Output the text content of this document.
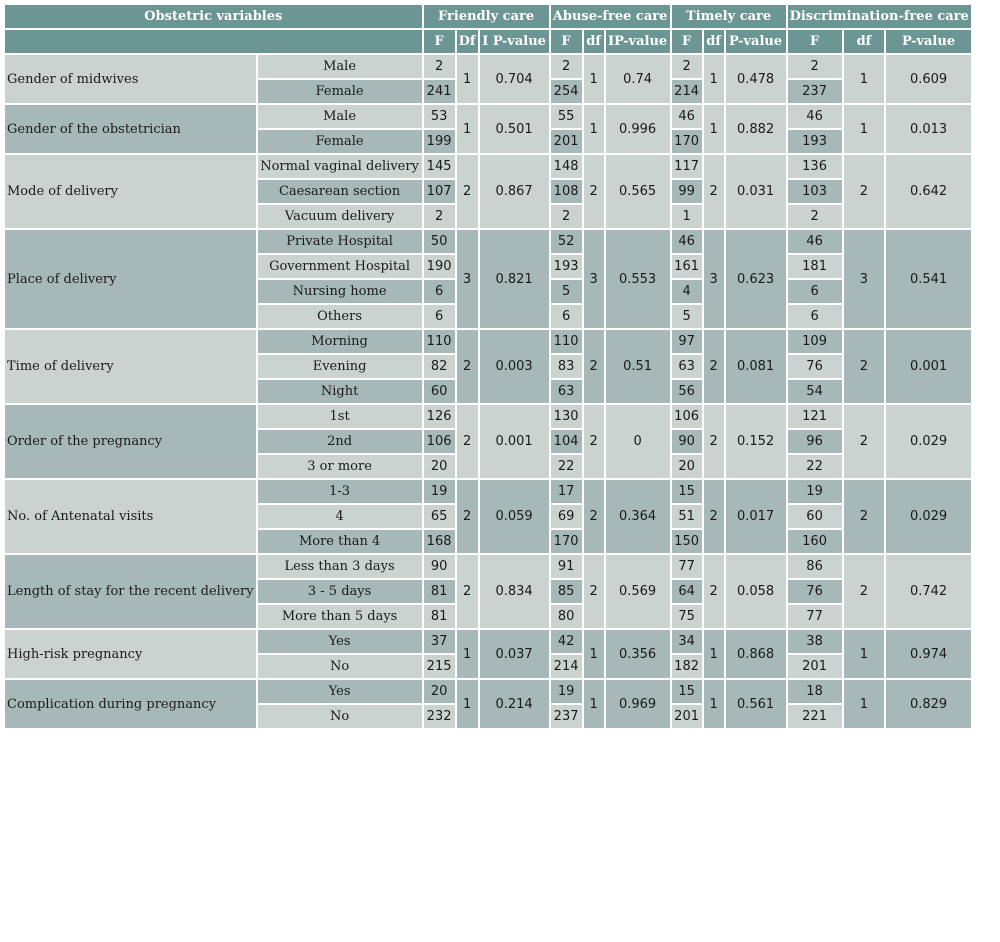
Obstetric variables		Friendly care			Abuse-free care			Timely care			Discrimination-free care		
		F	Df	I P-value	F	df	IP-value	F	df	P-value	F	df	P-value
Gender of midwives	Male	2	1	0.704	2	1	0.74	2	1	0.478	2	1	0.609
	Female	241			254			214			237		
Gender of the obstetrician	Male	53	1	0.501	55	1	0.996	46	1	0.882	46	1	0.013
	Female	199			201			170			193		
Mode of delivery	Normal vaginal delivery	145	2	0.867	148	2	0.565	117	2	0.031	136	2	0.642
	Caesarean section	107			108			99			103		
	Vacuum delivery	2			2			1			2		
Place of delivery	Private Hospital	50	3	0.821	52	3	0.553	46	3	0.623	46	3	0.541
	Government Hospital	190			193			161			181		
	Nursing home	6			5			4			6		
	Others	6			6			5			6		
Time of delivery	Morning	110	2	0.003	110	2	0.51	97	2	0.081	109	2	0.001
	Evening	82			83			63			76		
	Night	60			63			56			54		
Order of the pregnancy	1st	126	2	0.001	130	2	0	106	2	0.152	121	2	0.029
	2nd	106			104			90			96		
	3 or more	20			22			20			22		
No. of Antenatal visits	1-3	19	2	0.059	17	2	0.364	15	2	0.017	19	2	0.029
	4	65			69			51			60		
	More than 4	168			170			150			160		
Length of stay for the recent delivery	Less than 3 days	90	2	0.834	91	2	0.569	77	2	0.058	86	2	0.742
	3 - 5 days	81			85			64			76		
	More than 5 days	81			80			75			77		
High-risk pregnancy	Yes	37	1	0.037	42	1	0.356	34	1	0.868	38	1	0.974
	No	215			214			182			201		
Complication during pregnancy	Yes	20	1	0.214	19	1	0.969	15	1	0.561	18	1	0.829
	No	232			237			201			221		
